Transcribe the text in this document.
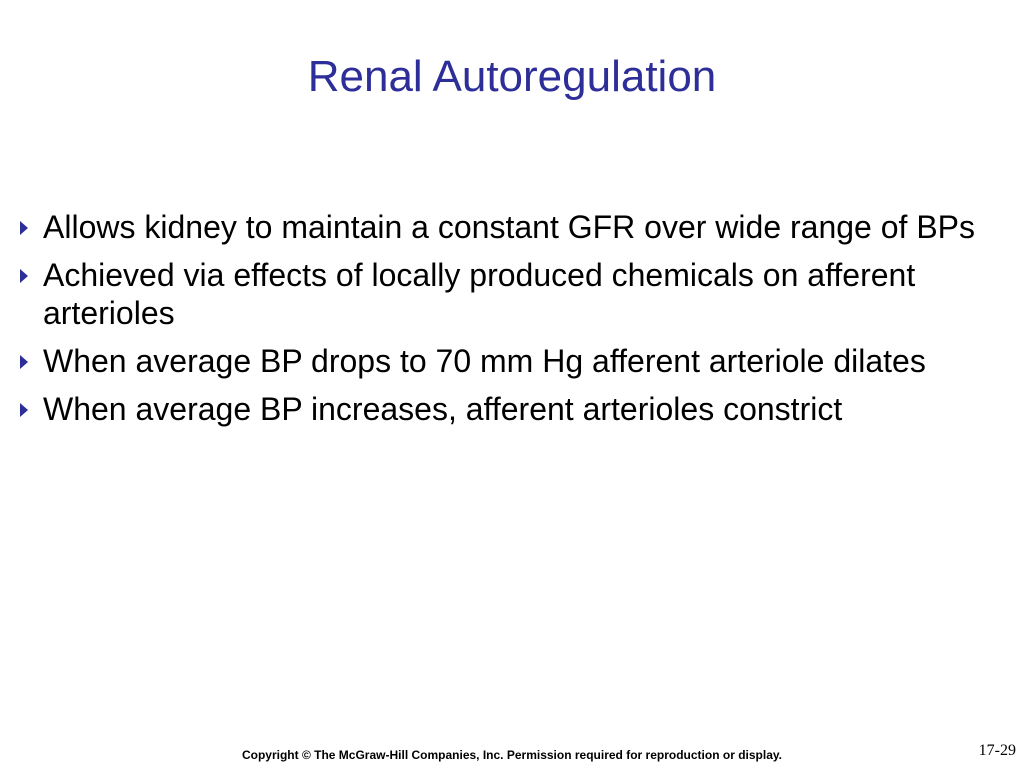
Renal Autoregulation
Allows kidney to maintain a constant GFR over wide range of BPs
Achieved via effects of locally produced chemicals on afferent arterioles
When average BP drops to 70 mm Hg afferent arteriole dilates
When average BP increases, afferent arterioles constrict
Copyright © The McGraw-Hill Companies, Inc. Permission required for reproduction or display.	17-29
